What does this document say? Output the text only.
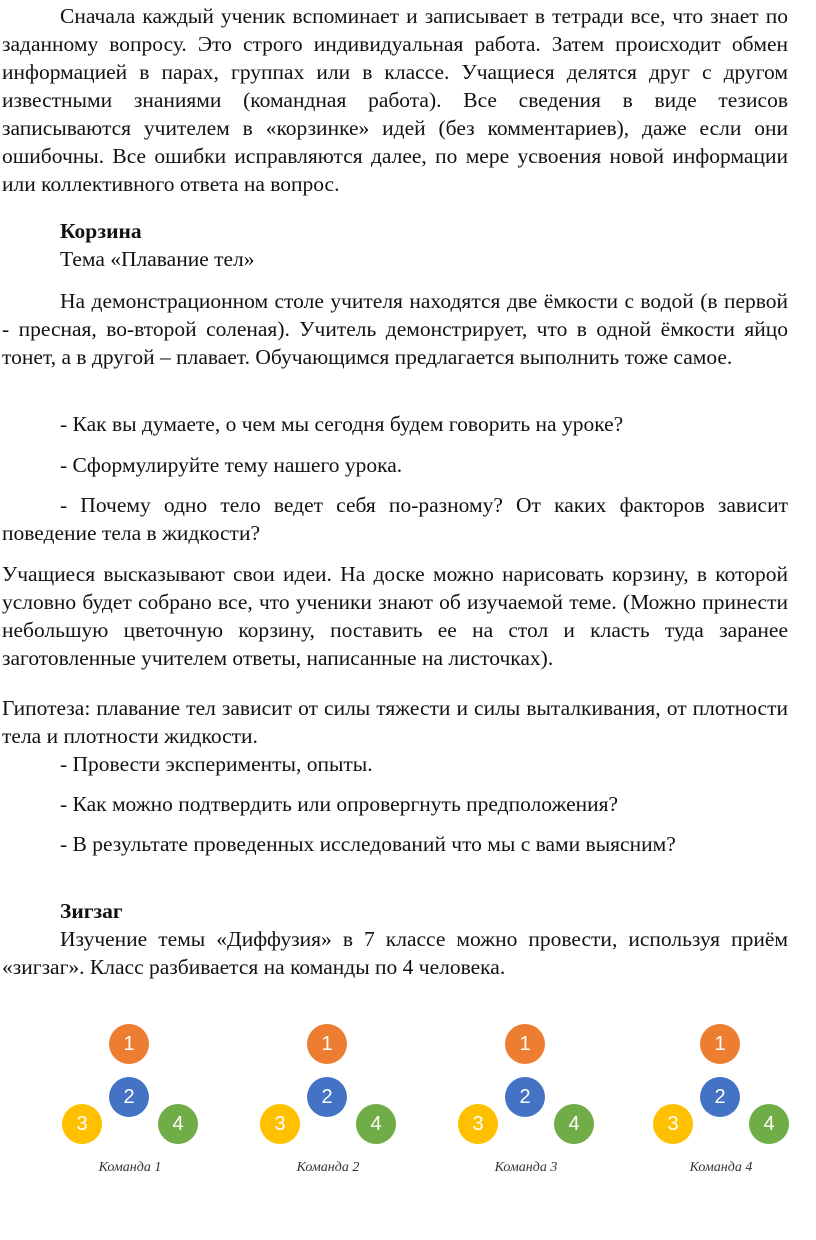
Сначала каждый ученик вспоминает и записывает в тетради все, что знает по заданному вопросу. Это строго индивидуальная работа. Затем происходит обмен информацией в парах, группах или в классе. Учащиеся делятся друг с другом известными знаниями (командная работа). Все сведения в виде тезисов записываются учителем в «корзинке» идей (без комментариев), даже если они ошибочны. Все ошибки исправляются далее, по мере усвоения новой информации или коллективного ответа на вопрос.

Корзина

Тема «Плавание тел»

На демонстрационном столе учителя находятся две ёмкости с водой (в первой - пресная, во-второй соленая). Учитель демонстрирует, что в одной ёмкости яйцо тонет, а в другой – плавает. Обучающимся предлагается выполнить тоже самое.

- Как вы думаете, о чем мы сегодня будем говорить на уроке?

- Сформулируйте тему нашего урока.

- Почему одно тело ведет себя по-разному? От каких факторов зависит поведение тела в жидкости?

Учащиеся высказывают свои идеи. На доске можно нарисовать корзину, в которой условно будет собрано все, что ученики знают об изучаемой теме. (Можно принести небольшую цветочную корзину, поставить ее на стол и класть туда заранее заготовленные учителем ответы, написанные на листочках).

Гипотеза: плавание тел зависит от силы тяжести и силы выталкивания, от плотности тела и плотности жидкости.

- Провести эксперименты, опыты.

- Как можно подтвердить или опровергнуть предположения?

- В результате проведенных исследований что мы с вами выясним?

Зигзаг

Изучение темы «Диффузия» в 7 классе можно провести, используя приём «зигзаг». Класс разбивается на команды по 4 человека.

1
2
3	4
Команда 1
1
2
3	4
Команда 2
1
2
3	4
Команда 3
1
2
3	4
Команда 4
